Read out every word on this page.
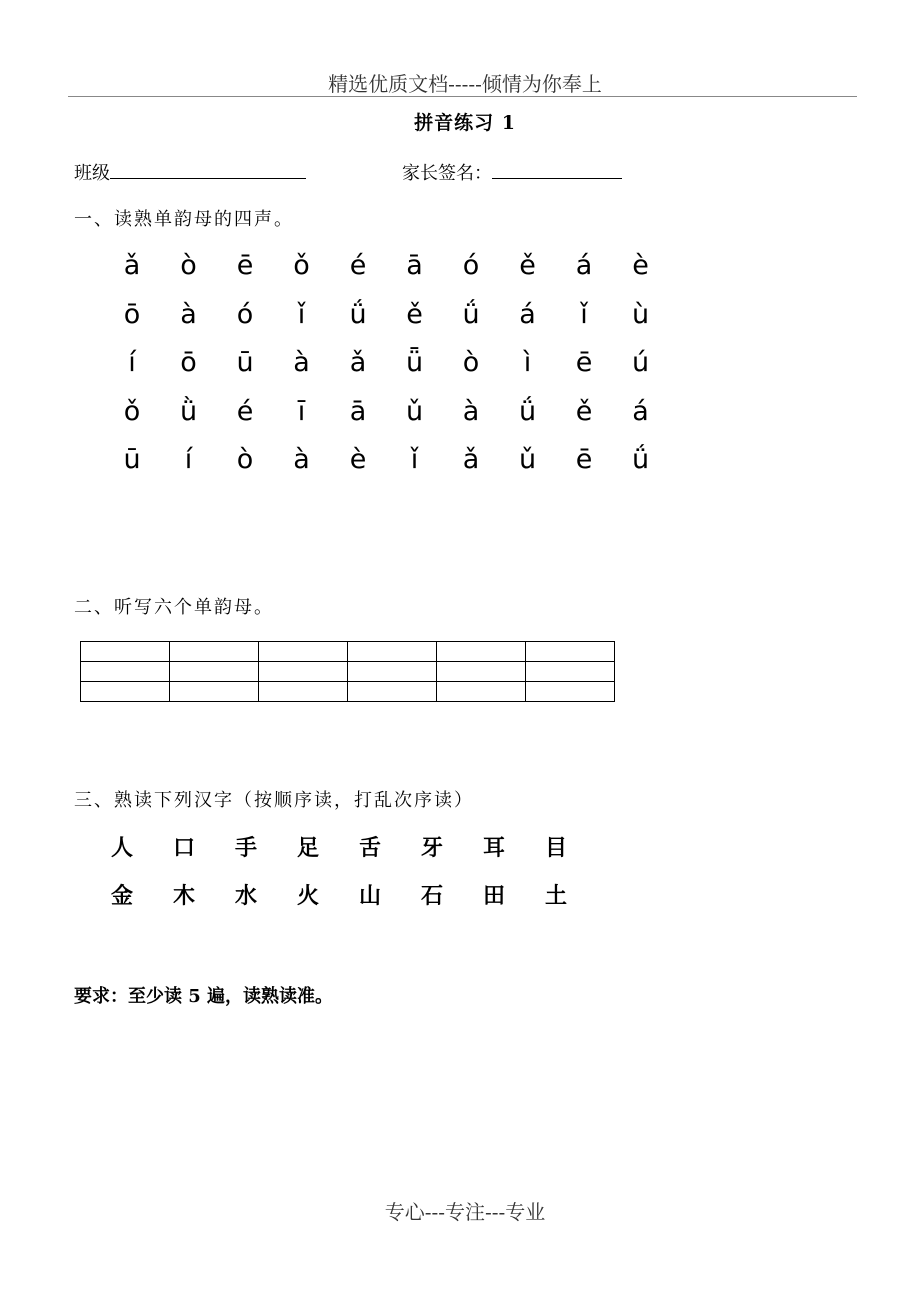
精选优质文档-----倾情为你奉上
拼音练习 1
班级	家长签名：
一、读熟单韵母的四声。
ǎ	ò	ē	ǒ	é	ā	ó	ě	á	è
ō	à	ó	ǐ	ǘ	ě	ǘ	á	ǐ	ù
í	ō	ū	à	ǎ	ǖ	ò	ì	ē	ú
ǒ	ǜ	é	ī	ā	ǔ	à	ǘ	ě	á
ū	í	ò	à	è	ǐ	ǎ	ǔ	ē	ǘ
二、听写六个单韵母。

三、熟读下列汉字（按顺序读，打乱次序读）
人	口	手	足	舌	牙	耳	目
金	木	水	火	山	石	田	土
要求：至少读 5 遍，读熟读准。
专心---专注---专业
